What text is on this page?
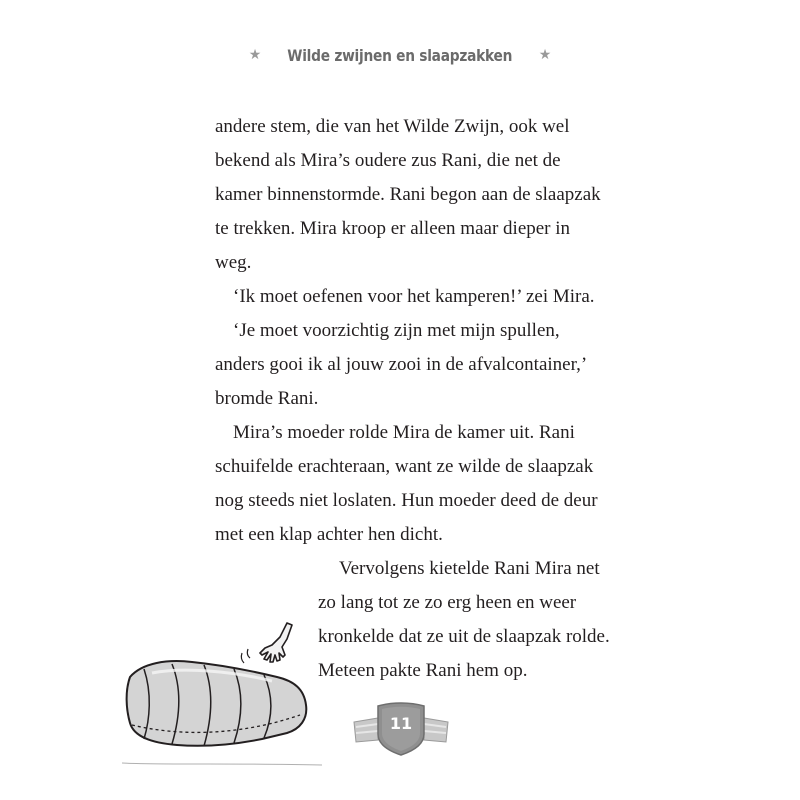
★ Wilde zwijnen en slaapzakken ★
andere stem, die van het Wilde Zwijn, ook wel
bekend als Mira’s oudere zus Rani, die net de
kamer binnenstormde. Rani begon aan de slaapzak
te trekken. Mira kroop er alleen maar dieper in
weg.
‘Ik moet oefenen voor het kamperen!’ zei Mira.
‘Je moet voorzichtig zijn met mijn spullen,
anders gooi ik al jouw zooi in de afvalcontainer,’
bromde Rani.
Mira’s moeder rolde Mira de kamer uit. Rani
schuifelde erachteraan, want ze wilde de slaapzak
nog steeds niet loslaten. Hun moeder deed de deur
met een klap achter hen dicht.
Vervolgens kietelde Rani Mira net
zo lang tot ze zo erg heen en weer
kronkelde dat ze uit de slaapzak rolde.
Meteen pakte Rani hem op.
11
